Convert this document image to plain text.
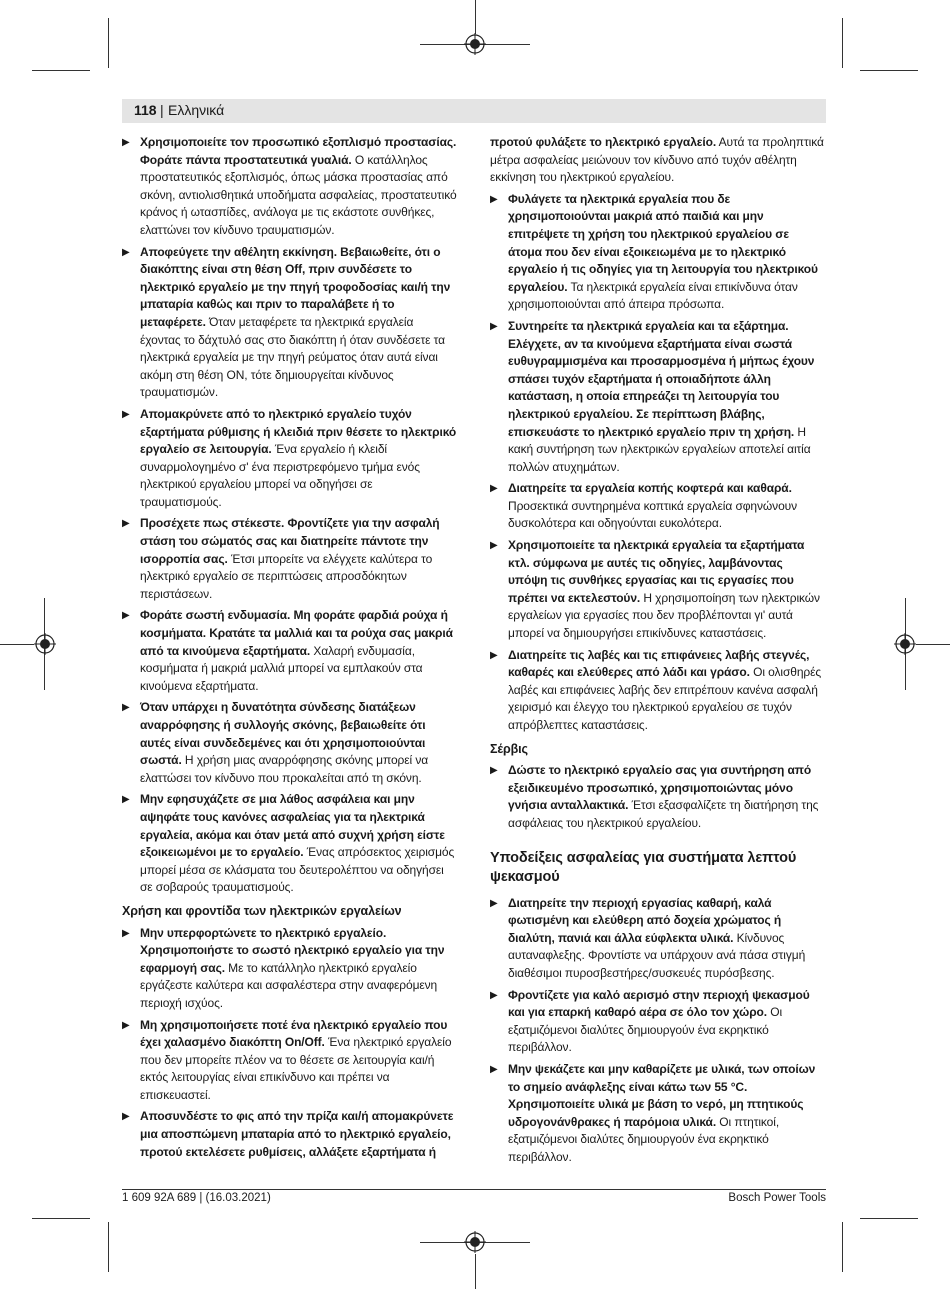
118 | Ελληνικά
▶ Χρησιμοποιείτε τον προσωπικό εξοπλισμό προστασίας. Φοράτε πάντα προστατευτικά γυαλιά. Ο κατάλληλος προστατευτικός εξοπλισμός, όπως μάσκα προστασίας από σκόνη, αντιολισθητικά υποδήματα ασφαλείας, προστατευτικό κράνος ή ωτασπίδες, ανάλογα με τις εκάστοτε συνθήκες, ελαττώνει τον κίνδυνο τραυματισμών.
▶ Αποφεύγετε την αθέλητη εκκίνηση. Βεβαιωθείτε, ότι ο διακόπτης είναι στη θέση Off, πριν συνδέσετε το ηλεκτρικό εργαλείο με την πηγή τροφοδοσίας και/ή την μπαταρία καθώς και πριν το παραλάβετε ή το μεταφέρετε. Όταν μεταφέρετε τα ηλεκτρικά εργαλεία έχοντας το δάχτυλό σας στο διακόπτη ή όταν συνδέσετε τα ηλεκτρικά εργαλεία με την πηγή ρεύματος όταν αυτά είναι ακόμη στη θέση ON, τότε δημιουργείται κίνδυνος τραυματισμών.
▶ Απομακρύνετε από το ηλεκτρικό εργαλείο τυχόν εξαρτήματα ρύθμισης ή κλειδιά πριν θέσετε το ηλεκτρικό εργαλείο σε λειτουργία. Ένα εργαλείο ή κλειδί συναρμολογημένο σ' ένα περιστρεφόμενο τμήμα ενός ηλεκτρικού εργαλείου μπορεί να οδηγήσει σε τραυματισμούς.
▶ Προσέχετε πως στέκεστε. Φροντίζετε για την ασφαλή στάση του σώματός σας και διατηρείτε πάντοτε την ισορροπία σας. Έτσι μπορείτε να ελέγχετε καλύτερα το ηλεκτρικό εργαλείο σε περιπτώσεις απροσδόκητων περιστάσεων.
▶ Φοράτε σωστή ενδυμασία. Μη φοράτε φαρδιά ρούχα ή κοσμήματα. Κρατάτε τα μαλλιά και τα ρούχα σας μακριά από τα κινούμενα εξαρτήματα. Χαλαρή ενδυμασία, κοσμήματα ή μακριά μαλλιά μπορεί να εμπλακούν στα κινούμενα εξαρτήματα.
▶ Όταν υπάρχει η δυνατότητα σύνδεσης διατάξεων αναρρόφησης ή συλλογής σκόνης, βεβαιωθείτε ότι αυτές είναι συνδεδεμένες και ότι χρησιμοποιούνται σωστά. Η χρήση μιας αναρρόφησης σκόνης μπορεί να ελαττώσει τον κίνδυνο που προκαλείται από τη σκόνη.
▶ Μην εφησυχάζετε σε μια λάθος ασφάλεια και μην αψηφάτε τους κανόνες ασφαλείας για τα ηλεκτρικά εργαλεία, ακόμα και όταν μετά από συχνή χρήση είστε εξοικειωμένοι με το εργαλείο. Ένας απρόσεκτος χειρισμός μπορεί μέσα σε κλάσματα του δευτερολέπτου να οδηγήσει σε σοβαρούς τραυματισμούς.
Χρήση και φροντίδα των ηλεκτρικών εργαλείων
▶ Μην υπερφορτώνετε το ηλεκτρικό εργαλείο. Χρησιμοποιήστε το σωστό ηλεκτρικό εργαλείο για την εφαρμογή σας. Με το κατάλληλο ηλεκτρικό εργαλείο εργάζεστε καλύτερα και ασφαλέστερα στην αναφερόμενη περιοχή ισχύος.
▶ Μη χρησιμοποιήσετε ποτέ ένα ηλεκτρικό εργαλείο που έχει χαλασμένο διακόπτη On/Off. Ένα ηλεκτρικό εργαλείο που δεν μπορείτε πλέον να το θέσετε σε λειτουργία και/ή εκτός λειτουργίας είναι επικίνδυνο και πρέπει να επισκευαστεί.
▶ Αποσυνδέστε το φις από την πρίζα και/ή απομακρύνετε μια αποσπώμενη μπαταρία από το ηλεκτρικό εργαλείο, προτού εκτελέσετε ρυθμίσεις, αλλάξετε εξαρτήματα ή
προτού φυλάξετε το ηλεκτρικό εργαλείο. Αυτά τα προληπτικά μέτρα ασφαλείας μειώνουν τον κίνδυνο από τυχόν αθέλητη εκκίνηση του ηλεκτρικού εργαλείου.
▶ Φυλάγετε τα ηλεκτρικά εργαλεία που δε χρησιμοποιούνται μακριά από παιδιά και μην επιτρέψετε τη χρήση του ηλεκτρικού εργαλείου σε άτομα που δεν είναι εξοικειωμένα με το ηλεκτρικό εργαλείο ή τις οδηγίες για τη λειτουργία του ηλεκτρικού εργαλείου. Τα ηλεκτρικά εργαλεία είναι επικίνδυνα όταν χρησιμοποιούνται από άπειρα πρόσωπα.
▶ Συντηρείτε τα ηλεκτρικά εργαλεία και τα εξάρτημα. Ελέγχετε, αν τα κινούμενα εξαρτήματα είναι σωστά ευθυγραμμισμένα και προσαρμοσμένα ή μήπως έχουν σπάσει τυχόν εξαρτήματα ή οποιαδήποτε άλλη κατάσταση, η οποία επηρεάζει τη λειτουργία του ηλεκτρικού εργαλείου. Σε περίπτωση βλάβης, επισκευάστε το ηλεκτρικό εργαλείο πριν τη χρήση. Η κακή συντήρηση των ηλεκτρικών εργαλείων αποτελεί αιτία πολλών ατυχημάτων.
▶ Διατηρείτε τα εργαλεία κοπής κοφτερά και καθαρά. Προσεκτικά συντηρημένα κοπτικά εργαλεία σφηνώνουν δυσκολότερα και οδηγούνται ευκολότερα.
▶ Χρησιμοποιείτε τα ηλεκτρικά εργαλεία τα εξαρτήματα κτλ. σύμφωνα με αυτές τις οδηγίες, λαμβάνοντας υπόψη τις συνθήκες εργασίας και τις εργασίες που πρέπει να εκτελεστούν. Η χρησιμοποίηση των ηλεκτρικών εργαλείων για εργασίες που δεν προβλέπονται γι' αυτά μπορεί να δημιουργήσει επικίνδυνες καταστάσεις.
▶ Διατηρείτε τις λαβές και τις επιφάνειες λαβής στεγνές, καθαρές και ελεύθερες από λάδι και γράσο. Οι ολισθηρές λαβές και επιφάνειες λαβής δεν επιτρέπουν κανένα ασφαλή χειρισμό και έλεγχο του ηλεκτρικού εργαλείου σε τυχόν απρόβλεπτες καταστάσεις.
Σέρβις
▶ Δώστε το ηλεκτρικό εργαλείο σας για συντήρηση από εξειδικευμένο προσωπικό, χρησιμοποιώντας μόνο γνήσια ανταλλακτικά. Έτσι εξασφαλίζετε τη διατήρηση της ασφάλειας του ηλεκτρικού εργαλείου.
Υποδείξεις ασφαλείας για συστήματα λεπτού ψεκασμού
▶ Διατηρείτε την περιοχή εργασίας καθαρή, καλά φωτισμένη και ελεύθερη από δοχεία χρώματος ή διαλύτη, πανιά και άλλα εύφλεκτα υλικά. Κίνδυνος αυταναφλεξης. Φροντίστε να υπάρχουν ανά πάσα στιγμή διαθέσιμοι πυροσβεστήρες/συσκευές πυρόσβεσης.
▶ Φροντίζετε για καλό αερισμό στην περιοχή ψεκασμού και για επαρκή καθαρό αέρα σε όλο τον χώρο. Οι εξατμιζόμενοι διαλύτες δημιουργούν ένα εκρηκτικό περιβάλλον.
▶ Μην ψεκάζετε και μην καθαρίζετε με υλικά, των οποίων το σημείο ανάφλεξης είναι κάτω των 55 °C. Χρησιμοποιείτε υλικά με βάση το νερό, μη πτητικούς υδρογονάνθρακες ή παρόμοια υλικά. Οι πτητικοί, εξατμιζόμενοι διαλύτες δημιουργούν ένα εκρηκτικό περιβάλλον.
1 609 92A 689 | (16.03.2021)	Bosch Power Tools
